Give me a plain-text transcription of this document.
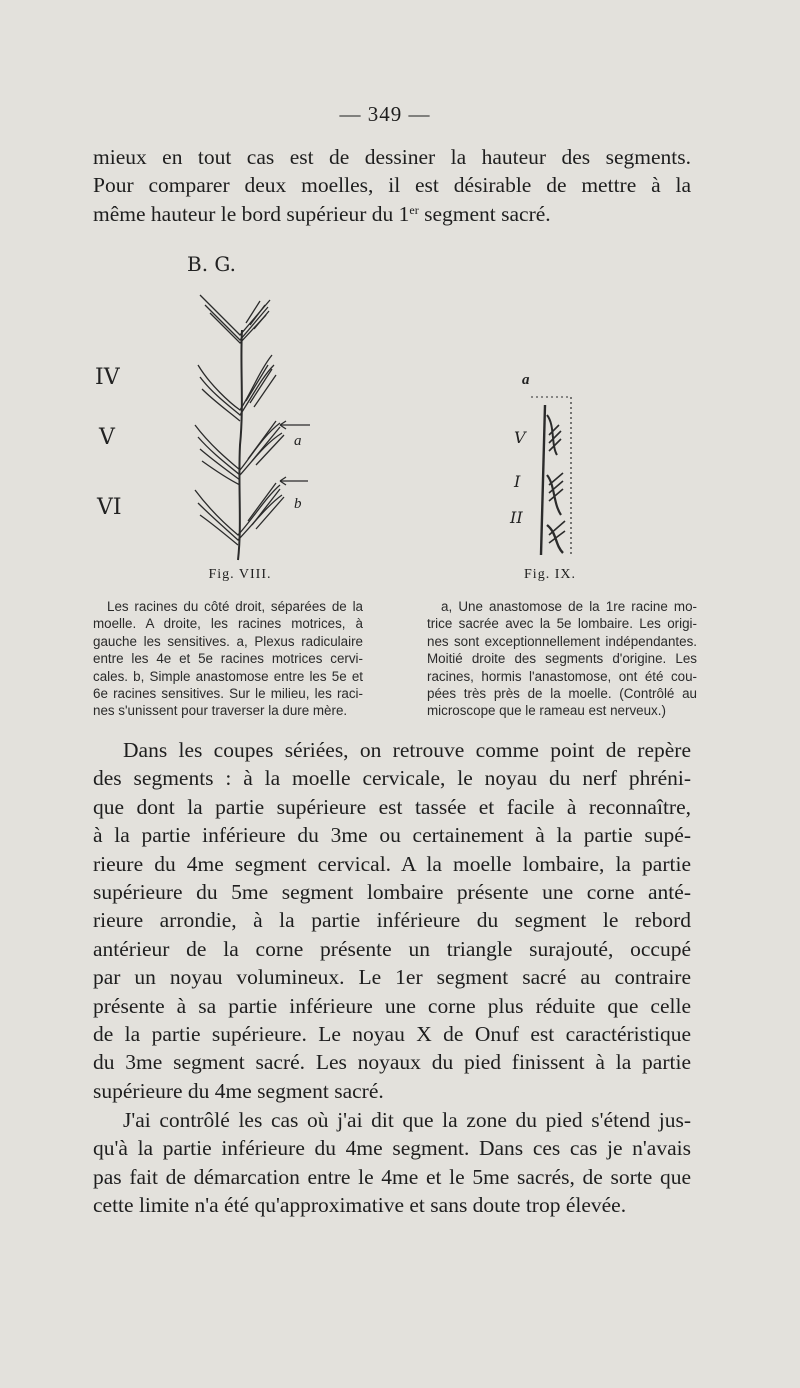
— 349 —

mieux en tout cas est de dessiner la hauteur des segments.
Pour comparer deux moelles, il est désirable de mettre à la
même hauteur le bord supérieur du 1er segment sacré.

B. G.
IV
V
VI
a
b
Fig. VIII.

Les racines du côté droit, séparées de la
moelle. A droite, les racines motrices, à
gauche les sensitives. a, Plexus radiculaire
entre les 4e et 5e racines motrices cervi-
cales. b, Simple anastomose entre les 5e et
6e racines sensitives. Sur le milieu, les raci-
nes s'unissent pour traverser la dure mère.

a
V
I
II
Fig. IX.

a, Une anastomose de la 1re racine mo-
trice sacrée avec la 5e lombaire. Les origi-
nes sont exceptionnellement indépendantes.
Moitié droite des segments d'origine. Les
racines, hormis l'anastomose, ont été cou-
pées très près de la moelle. (Contrôlé au
microscope que le rameau est nerveux.)

Dans les coupes sériées, on retrouve comme point de repère
des segments : à la moelle cervicale, le noyau du nerf phréni-
que dont la partie supérieure est tassée et facile à reconnaître,
à la partie inférieure du 3me ou certainement à la partie supé-
rieure du 4me segment cervical. A la moelle lombaire, la partie
supérieure du 5me segment lombaire présente une corne anté-
rieure arrondie, à la partie inférieure du segment le rebord
antérieur de la corne présente un triangle surajouté, occupé
par un noyau volumineux. Le 1er segment sacré au contraire
présente à sa partie inférieure une corne plus réduite que celle
de la partie supérieure. Le noyau X de Onuf est caractéristique
du 3me segment sacré. Les noyaux du pied finissent à la partie
supérieure du 4me segment sacré.

J'ai contrôlé les cas où j'ai dit que la zone du pied s'étend jus-
qu'à la partie inférieure du 4me segment. Dans ces cas je n'avais
pas fait de démarcation entre le 4me et le 5me sacrés, de sorte que
cette limite n'a été qu'approximative et sans doute trop élevée.
